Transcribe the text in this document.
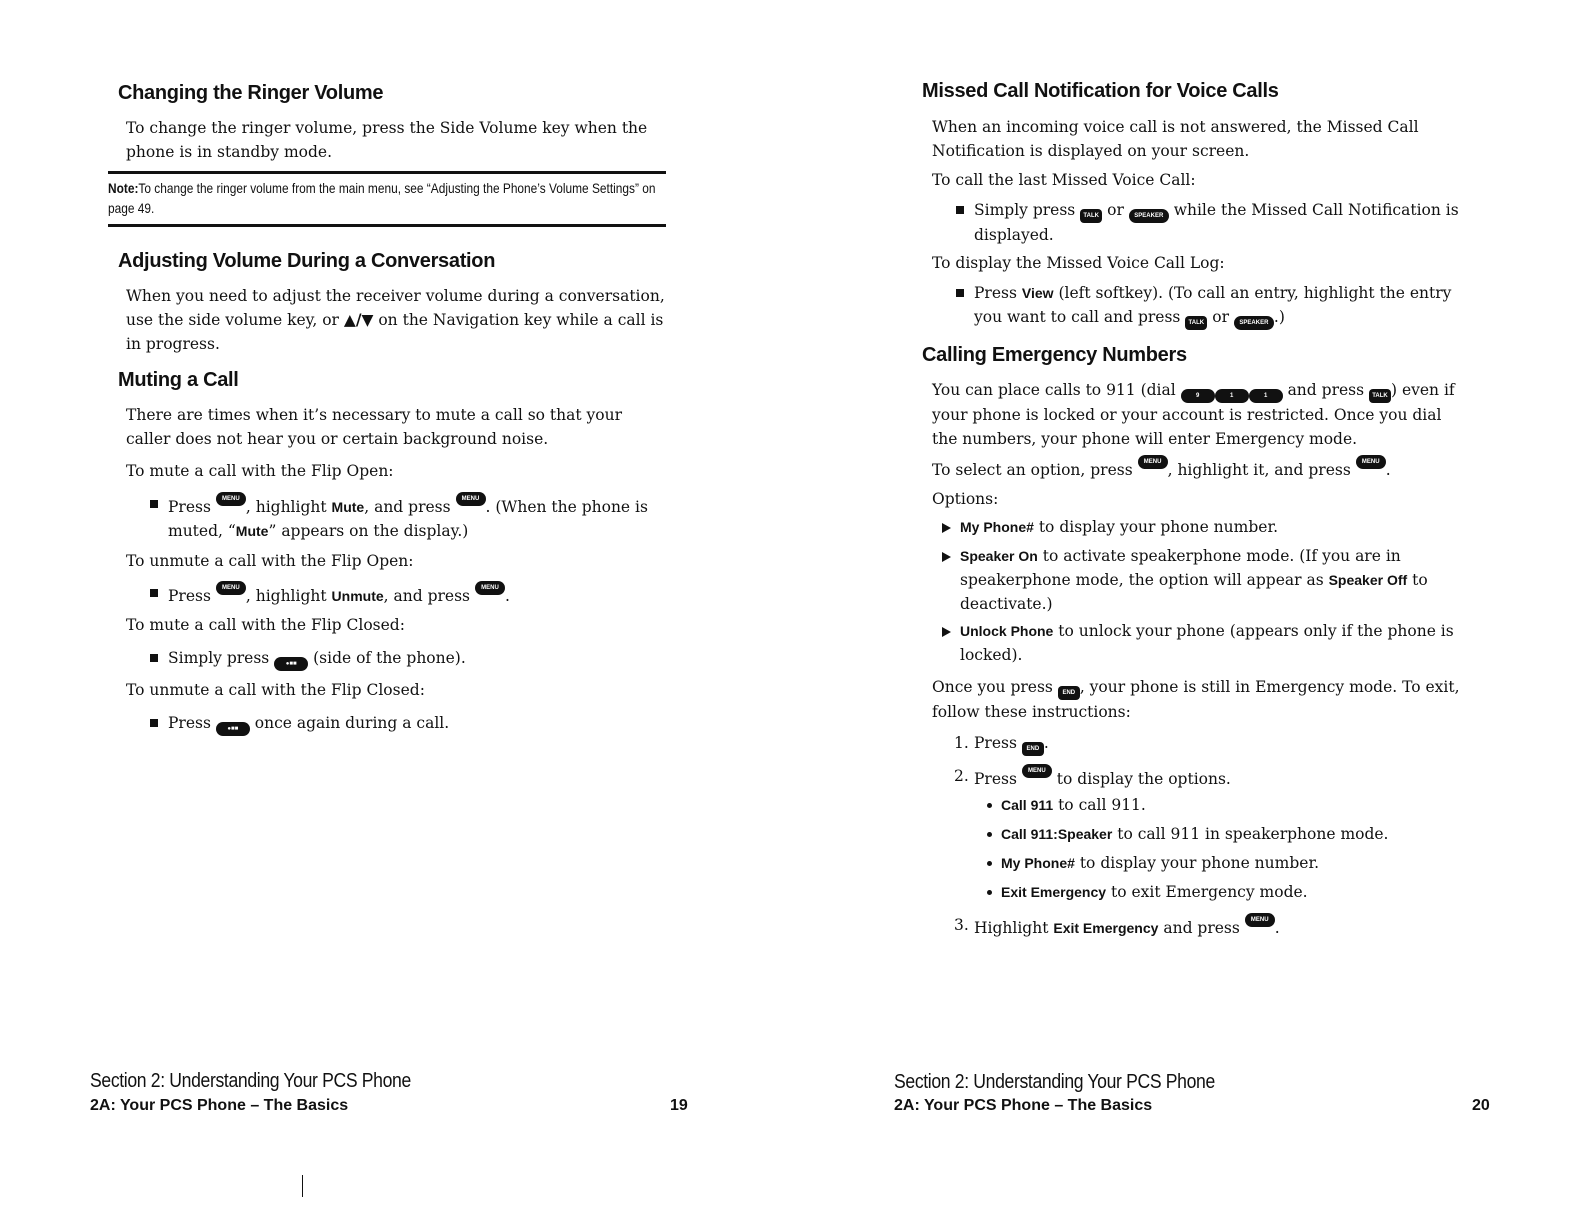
Changing the Ringer Volume

To change the ringer volume, press the Side Volume key when the phone is in standby mode.

Note:To change the ringer volume from the main menu, see “Adjusting the Phone’s Volume Settings” on page 49.

Adjusting Volume During a Conversation

When you need to adjust the receiver volume during a conversation, use the side volume key, or ▲/▼ on the Navigation key while a call is in progress.

Muting a Call

There are times when it’s necessary to mute a call so that your caller does not hear you or certain background noise.

To mute a call with the Flip Open:

Press MENU OK , highlight Mute, and press MENU OK . (When the phone is muted, “Mute” appears on the display.)

To unmute a call with the Flip Open:

Press MENU OK , highlight Unmute, and press MENU OK .

To mute a call with the Flip Closed:

Simply press ●■■ (side of the phone).

To unmute a call with the Flip Closed:

Press ●■■ once again during a call.

Section 2: Understanding Your PCS Phone

2A: Your PCS Phone – The Basics	19

Missed Call Notification for Voice Calls

When an incoming voice call is not answered, the Missed Call Notification is displayed on your screen.

To call the last Missed Voice Call:

Simply press TALK or SPEAKER while the Missed Call Notification is displayed.

To display the Missed Voice Call Log:

Press View (left softkey). (To call an entry, highlight the entry you want to call and press TALK or SPEAKER .)
Calling Emergency Numbers

You can place calls to 911 (dial	9	1	1 and press TALK ) even if your phone is locked or your account is restricted. Once you dial the numbers, your phone will enter Emergency mode.

To select an option, press MENU OK , highlight it, and press MENU OK .

Options:

My Phone# to display your phone number.
Speaker On to activate speakerphone mode. (If you are in speakerphone mode, the option will appear as Speaker Off to deactivate.)
Unlock Phone to unlock your phone (appears only if the phone is locked).

Once you press END , your phone is still in Emergency mode. To exit, follow these instructions:

1. Press END .
2. Press MENU OK to display the options.
Call 911 to call 911.
Call 911:Speaker to call 911 in speakerphone mode.
My Phone# to display your phone number.
Exit Emergency to exit Emergency mode.
3. Highlight Exit Emergency and press MENU OK .

Section 2: Understanding Your PCS Phone

2A: Your PCS Phone – The Basics	20
